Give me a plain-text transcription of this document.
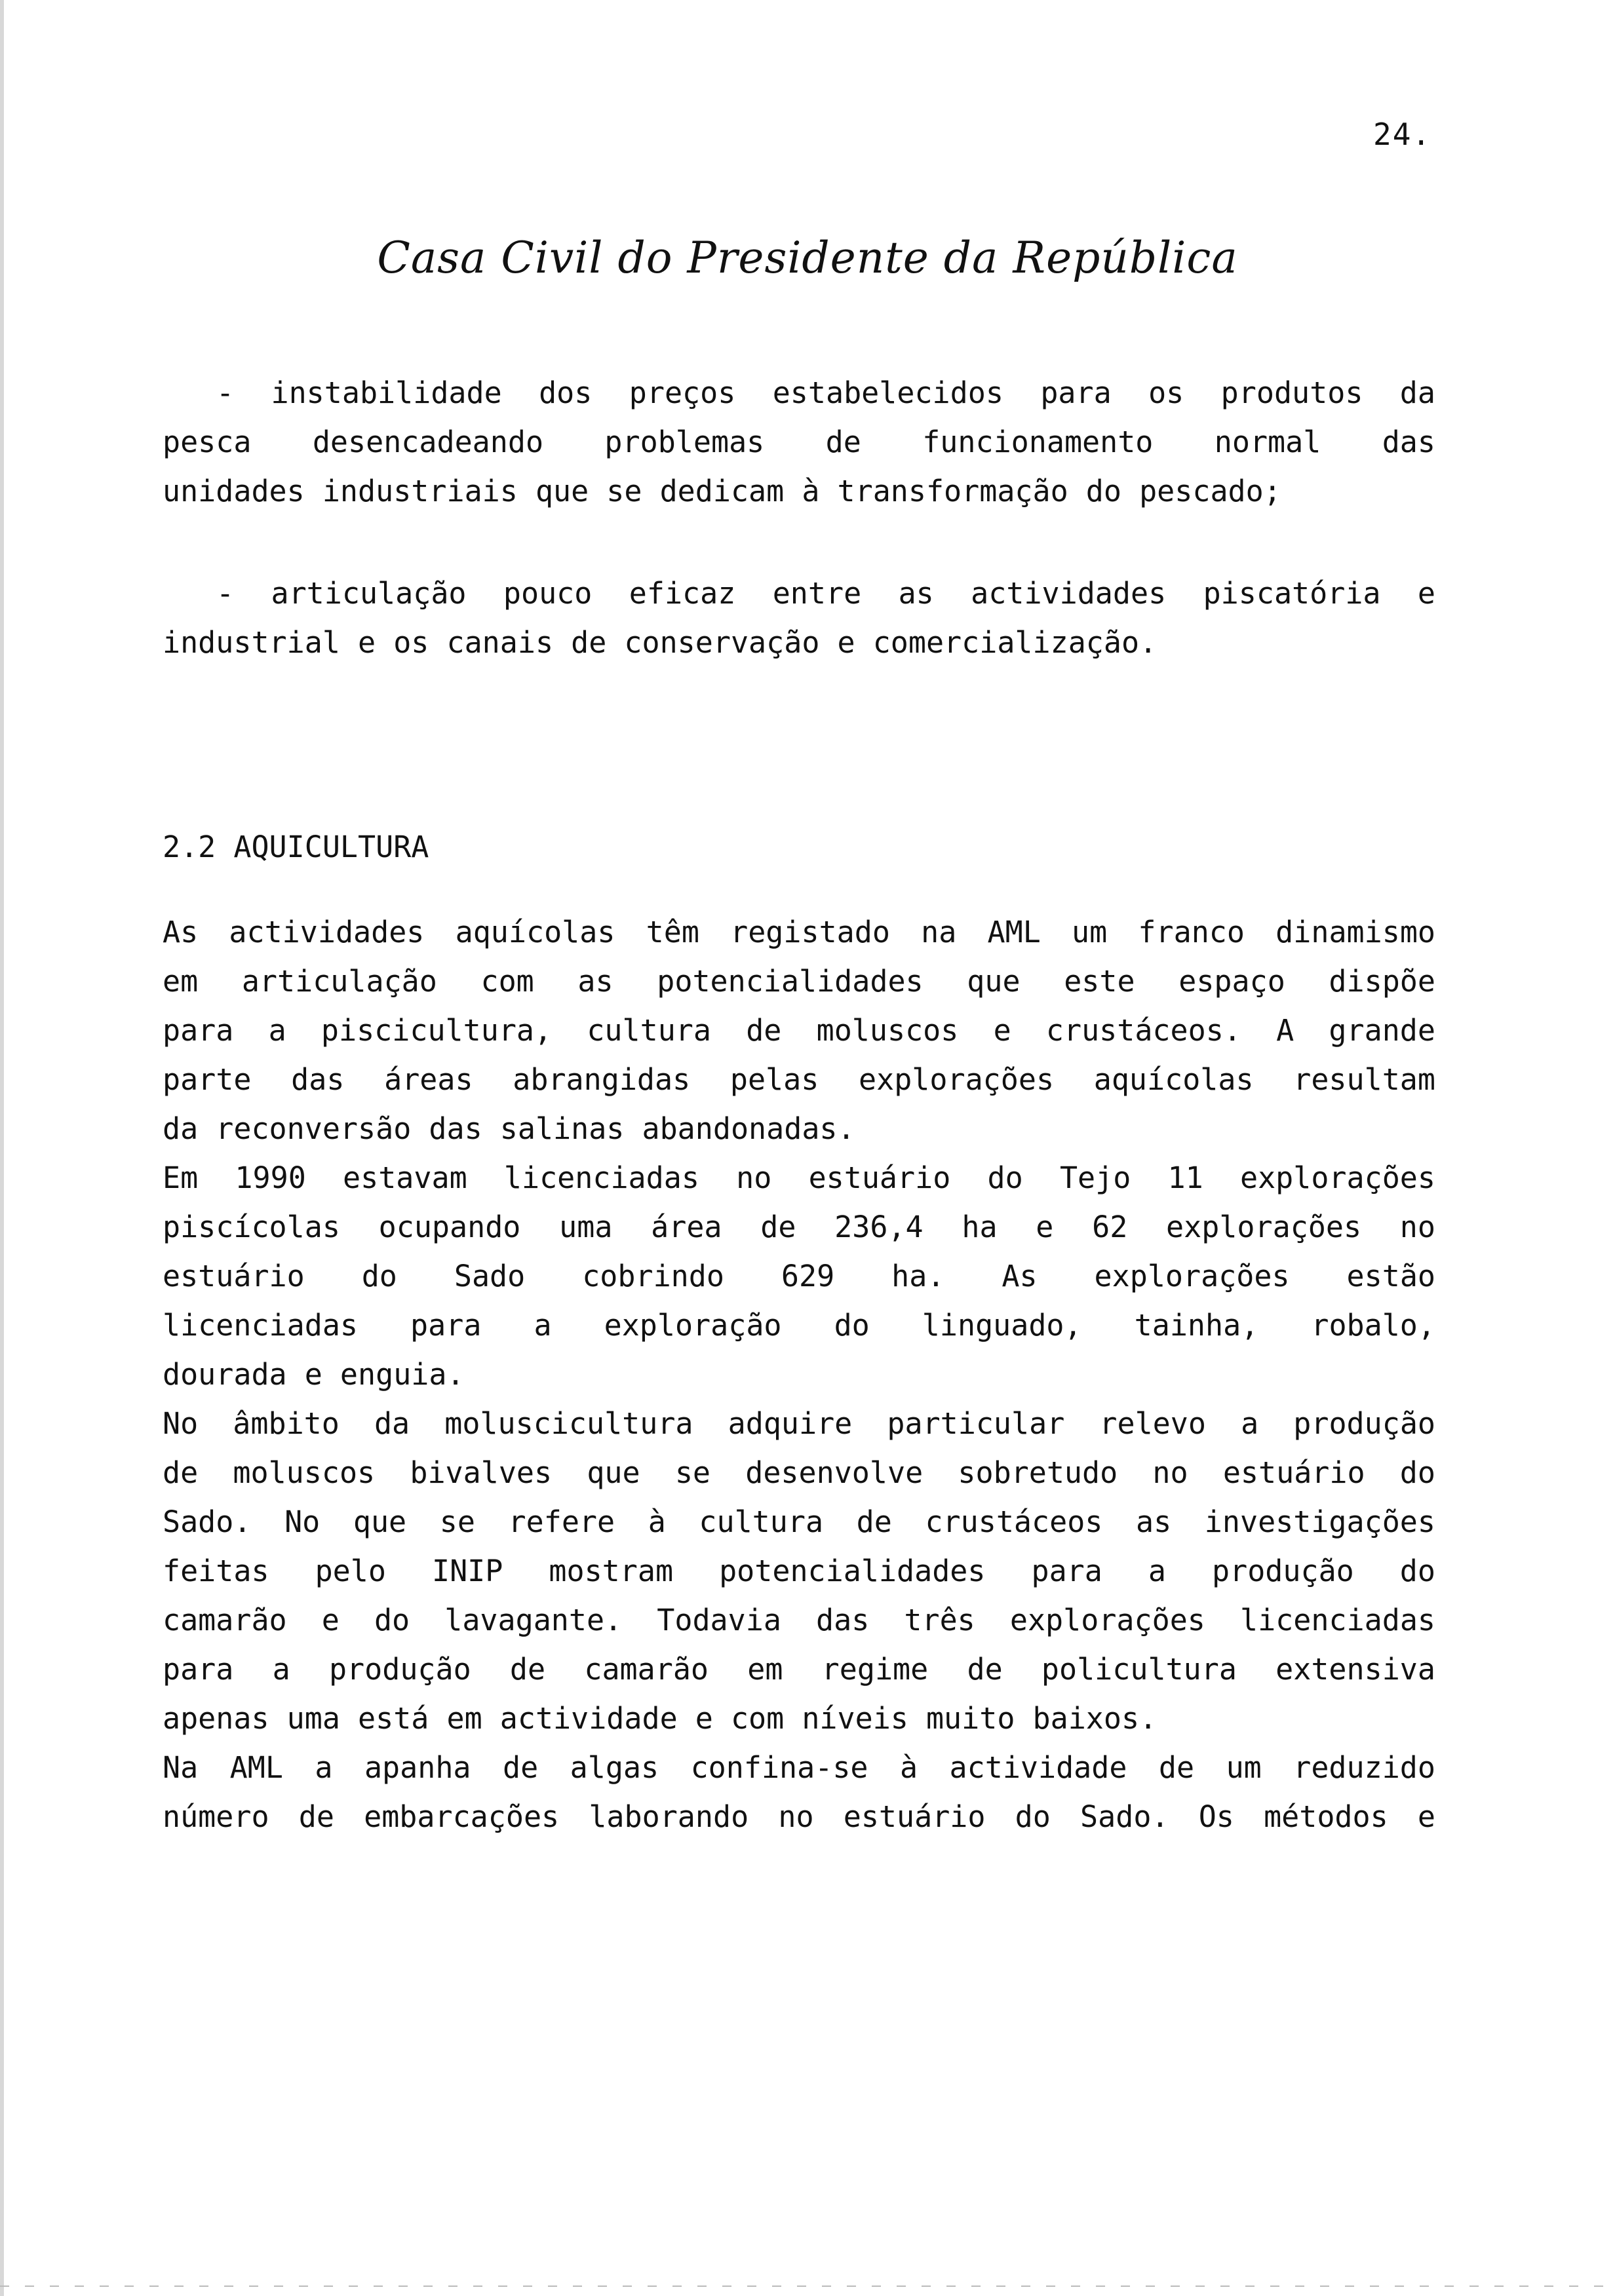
24.
Casa Civil do Presidente da República
- instabilidade dos preços estabelecidos para os produtos da
pesca desencadeando problemas de funcionamento normal das
unidades industriais que se dedicam à transformação do pescado;
- articulação pouco eficaz entre as actividades piscatória e
industrial e os canais de conservação e comercialização.
2.2 AQUICULTURA
As actividades aquícolas têm registado na AML um franco dinamismo
em articulação com as potencialidades que este espaço dispõe
para a piscicultura, cultura de moluscos e crustáceos. A grande
parte das áreas abrangidas pelas explorações aquícolas resultam
da reconversão das salinas abandonadas.
Em 1990 estavam licenciadas no estuário do Tejo 11 explorações
piscícolas ocupando uma área de 236,4 ha e 62 explorações no
estuário do Sado cobrindo 629 ha. As explorações estão
licenciadas para a exploração do linguado, tainha, robalo,
dourada e enguia.
No âmbito da moluscicultura adquire particular relevo a produção
de moluscos bivalves que se desenvolve sobretudo no estuário do
Sado. No que se refere à cultura de crustáceos as investigações
feitas pelo INIP mostram potencialidades para a produção do
camarão e do lavagante. Todavia das três explorações licenciadas
para a produção de camarão em regime de policultura extensiva
apenas uma está em actividade e com níveis muito baixos.
Na AML a apanha de algas confina-se à actividade de um reduzido
número de embarcações laborando no estuário do Sado. Os métodos e
